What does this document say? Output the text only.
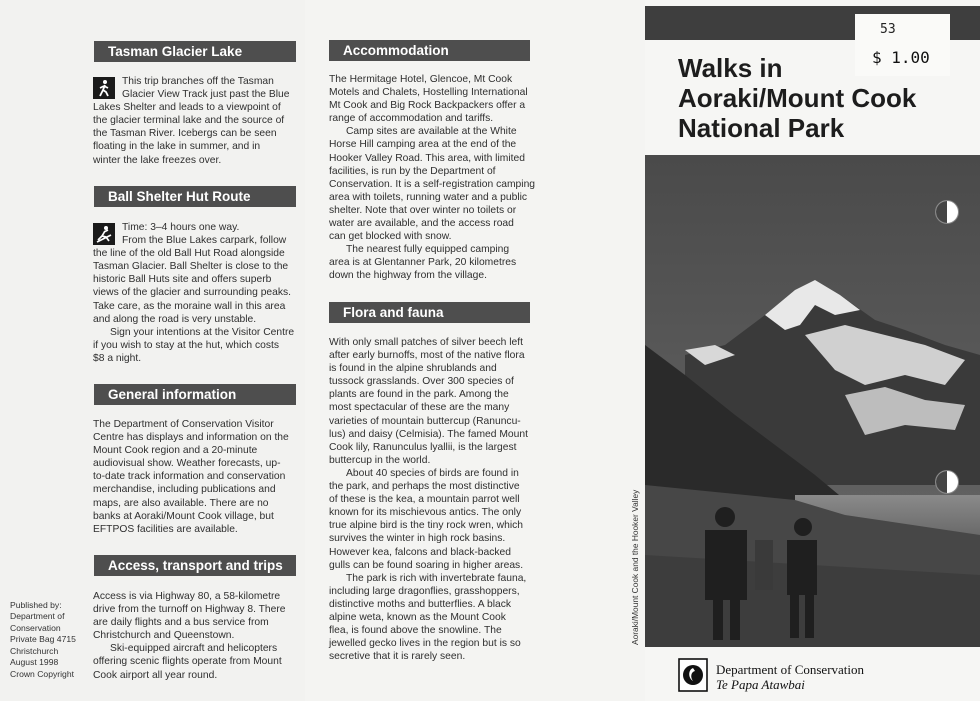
Tasman Glacier Lake

This trip branches off the Tasman

Glacier View Track just past the Blue

Lakes Shelter and leads to a viewpoint of

the glacier terminal lake and the source of

the Tasman River. Icebergs can be seen

floating in the lake in summer, and in

winter the lake freezes over.

Ball Shelter Hut Route

Time: 3–4 hours one way.

From the Blue Lakes carpark, follow

the line of the old Ball Hut Road alongside

Tasman Glacier. Ball Shelter is close to the

historic Ball Huts site and offers superb

views of the glacier and surrounding peaks.

Take care, as the moraine wall in this area

and along the road is very unstable.

Sign your intentions at the Visitor Centre

if you wish to stay at the hut, which costs

$8 a night.

General information

The Department of Conservation Visitor

Centre has displays and information on the

Mount Cook region and a 20-minute

audiovisual show. Weather forecasts, up-

to-date track information and conservation

merchandise, including publications and

maps, are also available. There are no

banks at Aoraki/Mount Cook village, but

EFTPOS facilities are available.

Access, transport and trips

Access is via Highway 80, a 58-kilometre

drive from the turnoff on Highway 8. There

are daily flights and a bus service from

Christchurch and Queenstown.

Ski-equipped aircraft and helicopters

offering scenic flights operate from Mount

Cook airport all year round.

Published by:
Department of
Conservation
Private Bag 4715
Christchurch
August 1998
Crown Copyright
Accommodation

The Hermitage Hotel, Glencoe, Mt Cook

Motels and Chalets, Hostelling International

Mt Cook and Big Rock Backpackers offer a

range of accommodation and tariffs.

Camp sites are available at the White

Horse Hill camping area at the end of the

Hooker Valley Road. This area, with limited

facilities, is run by the Department of

Conservation. It is a self-registration camping

area with toilets, running water and a public

shelter. Note that over winter no toilets or

water are available, and the access road

can get blocked with snow.

The nearest fully equipped camping

area is at Glentanner Park, 20 kilometres

down the highway from the village.

Flora and fauna

With only small patches of silver beech left

after early burnoffs, most of the native flora

is found in the alpine shrublands and

tussock grasslands. Over 300 species of

plants are found in the park. Among the

most spectacular of these are the many

varieties of mountain buttercup (Ranuncu-

lus) and daisy (Celmisia). The famed Mount

Cook lily, Ranunculus lyallii, is the largest

buttercup in the world.

About 40 species of birds are found in

the park, and perhaps the most distinctive

of these is the kea, a mountain parrot well

known for its mischievous antics. The only

true alpine bird is the tiny rock wren, which

survives the winter in high rock basins.

However kea, falcons and black-backed

gulls can be found soaring in higher areas.

The park is rich with invertebrate fauna,

including large dragonflies, grasshoppers,

distinctive moths and butterflies. A black

alpine weta, known as the Mount Cook

flea, is found above the snowline. The

jewelled gecko lives in the region but is so

secretive that it is rarely seen.

53
$ 1.00
Walks in
Aoraki/Mount Cook
National Park
Aoraki/Mount Cook and the Hooker Valley
Department of Conservation
Te Papa Atawbai
